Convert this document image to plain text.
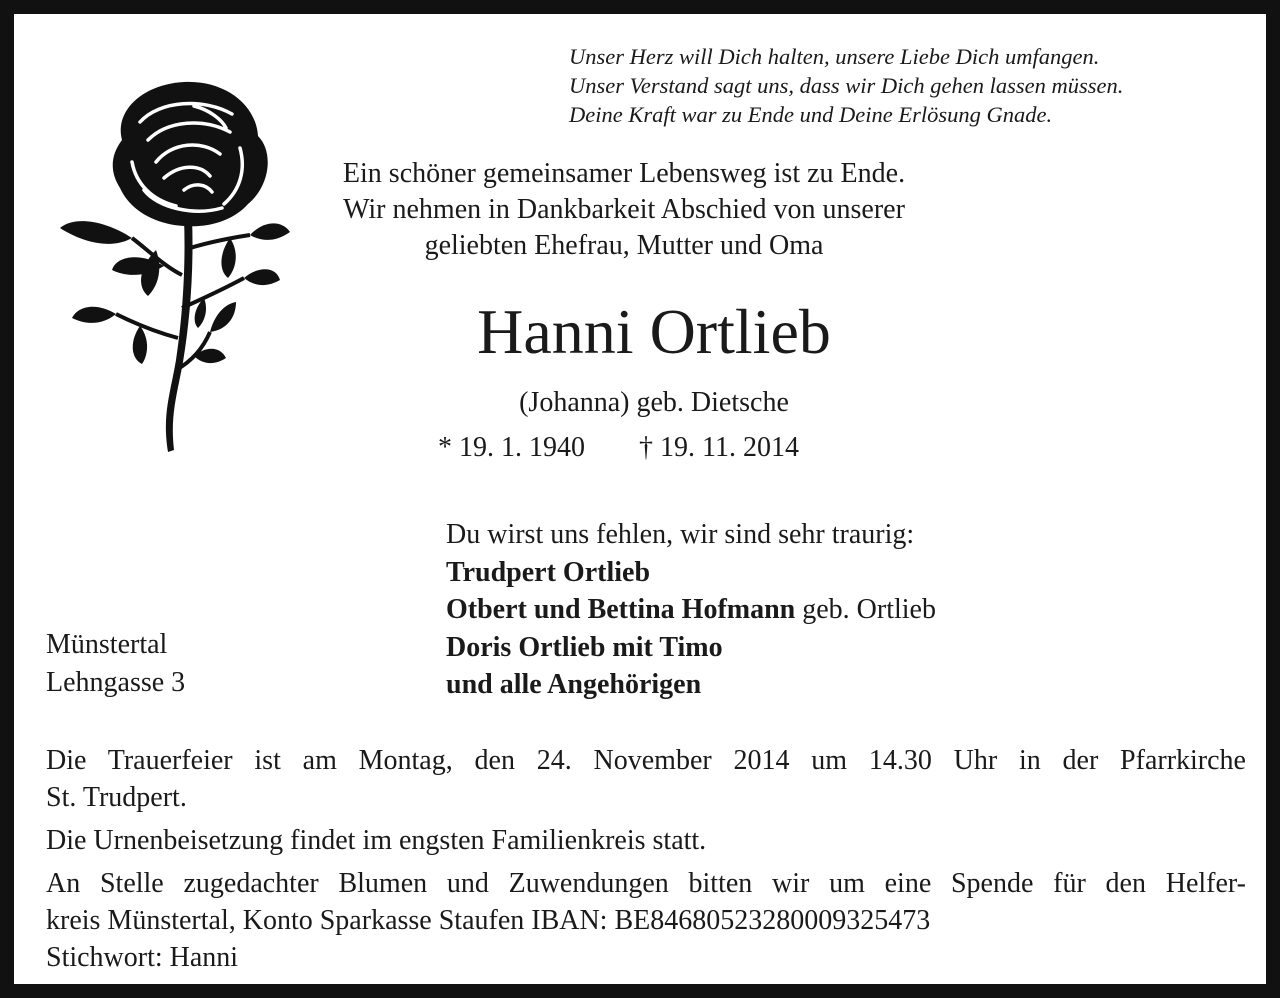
Unser Herz will Dich halten, unsere Liebe Dich umfangen.
Unser Verstand sagt uns, dass wir Dich gehen lassen müssen.
Deine Kraft war zu Ende und Deine Erlösung Gnade.
Ein schöner gemeinsamer Lebensweg ist zu Ende.
Wir nehmen in Dankbarkeit Abschied von unserer
geliebten Ehefrau, Mutter und Oma
Hanni Ortlieb
(Johanna) geb. Dietsche
* 19. 1. 1940 † 19. 11. 2014
Du wirst uns fehlen, wir sind sehr traurig:
Trudpert Ortlieb
Otbert und Bettina Hofmann geb. Ortlieb
Doris Ortlieb mit Timo
und alle Angehörigen
Münstertal
Lehngasse 3

Die Trauerfeier ist am Montag, den 24. November 2014 um 14.30 Uhr in der Pfarrkirche
St. Trudpert.

Die Urnenbeisetzung findet im engsten Familienkreis statt.

An Stelle zugedachter Blumen und Zuwendungen bitten wir um eine Spende für den Helfer-
kreis Münstertal, Konto Sparkasse Staufen IBAN: BE84680523280009325473
Stichwort: Hanni
